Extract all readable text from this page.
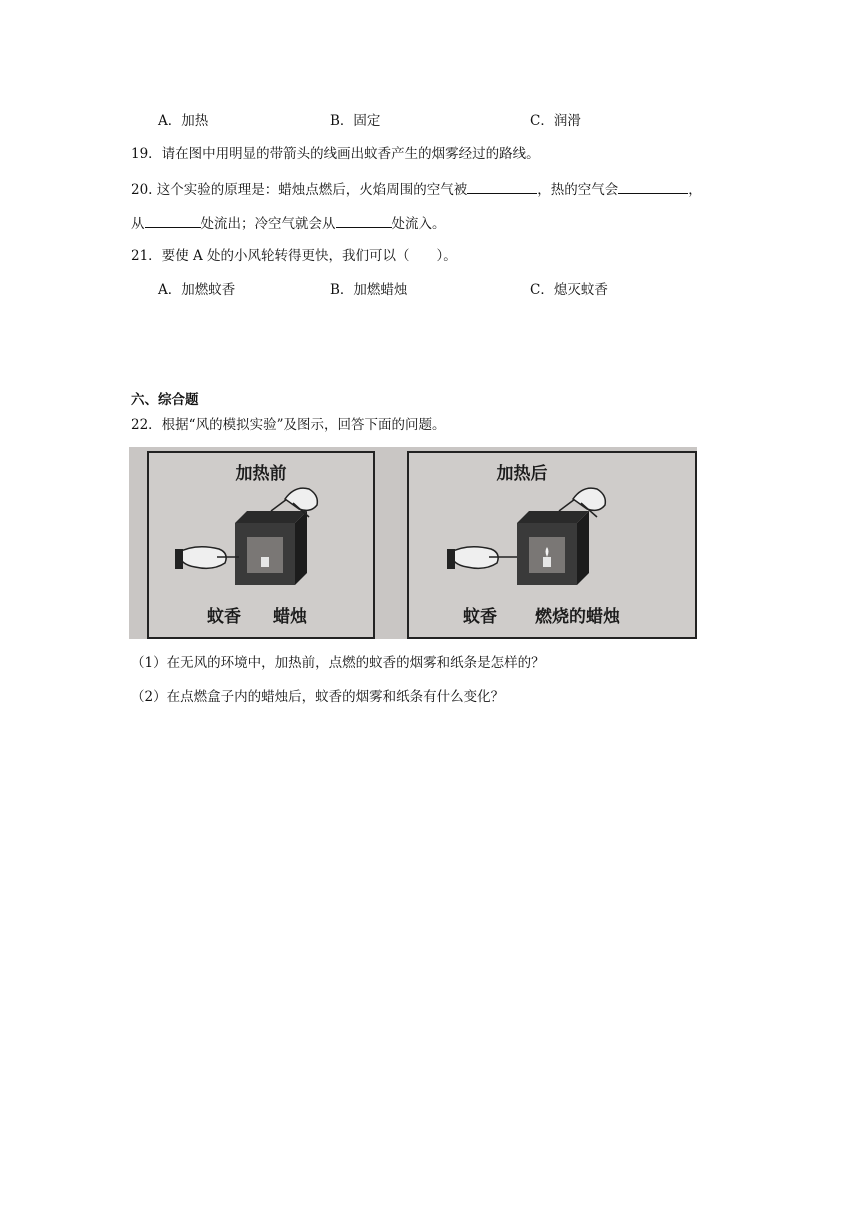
A．加热	B．固定	C．润滑
19．请在图中用明显的带箭头的线画出蚊香产生的烟雾经过的路线。
20. 这个实验的原理是：蜡烛点燃后，火焰周围的空气被	，热的空气会	，
从	处流出；冷空气就会从	处流入。
21．要使 A 处的小风轮转得更快，我们可以（　　）。
A．加燃蚊香	B．加燃蜡烛	C．熄灭蚊香
六、综合题
22．根据“风的模拟实验”及图示，回答下面的问题。
加热前
蚊香 蜡烛
加热后
蚊香 燃烧的蜡烛
（1）在无风的环境中，加热前，点燃的蚊香的烟雾和纸条是怎样的？
（2）在点燃盒子内的蜡烛后，蚊香的烟雾和纸条有什么变化？
